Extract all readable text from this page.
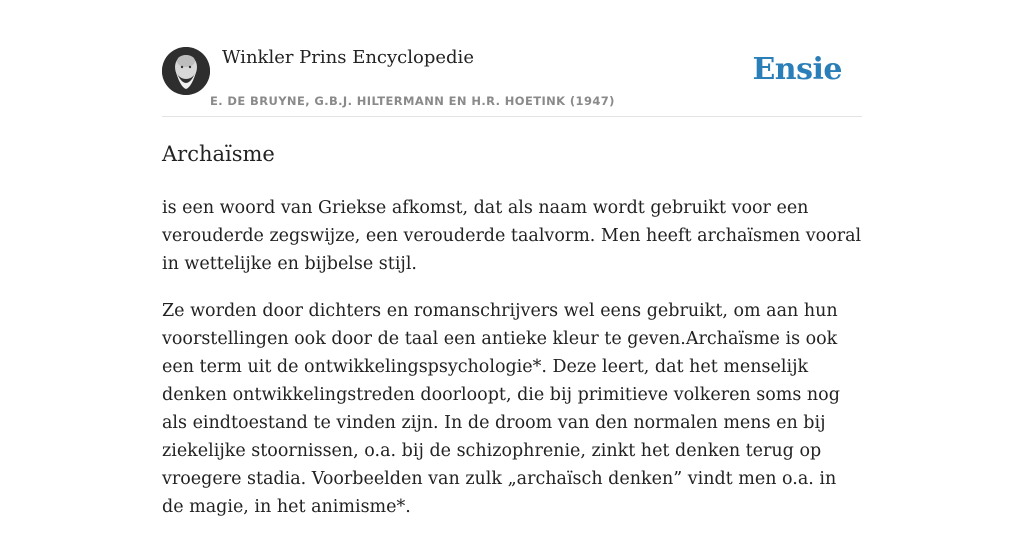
Winkler Prins Encyclopedie
E. DE BRUYNE, G.B.J. HILTERMANN EN H.R. HOETINK (1947)
Ensie
Archaïsme

is een woord van Griekse afkomst, dat als naam wordt gebruikt voor een verouderde zegswijze, een verouderde taalvorm. Men heeft archaïsmen vooral in wettelijke en bijbelse stijl.

Ze worden door dichters en romanschrijvers wel eens gebruikt, om aan hun voorstellingen ook door de taal een antieke kleur te geven.Archaïsme is ook een term uit de ontwikkelingspsychologie*. Deze leert, dat het menselijk denken ontwikkelingstreden doorloopt, die bij primitieve volkeren soms nog als eindtoestand te vinden zijn. In de droom van den normalen mens en bij ziekelijke stoornissen, o.a. bij de schizophrenie, zinkt het denken terug op vroegere stadia. Voorbeelden van zulk „archaïsch denken” vindt men o.a. in de magie, in het animisme*.
